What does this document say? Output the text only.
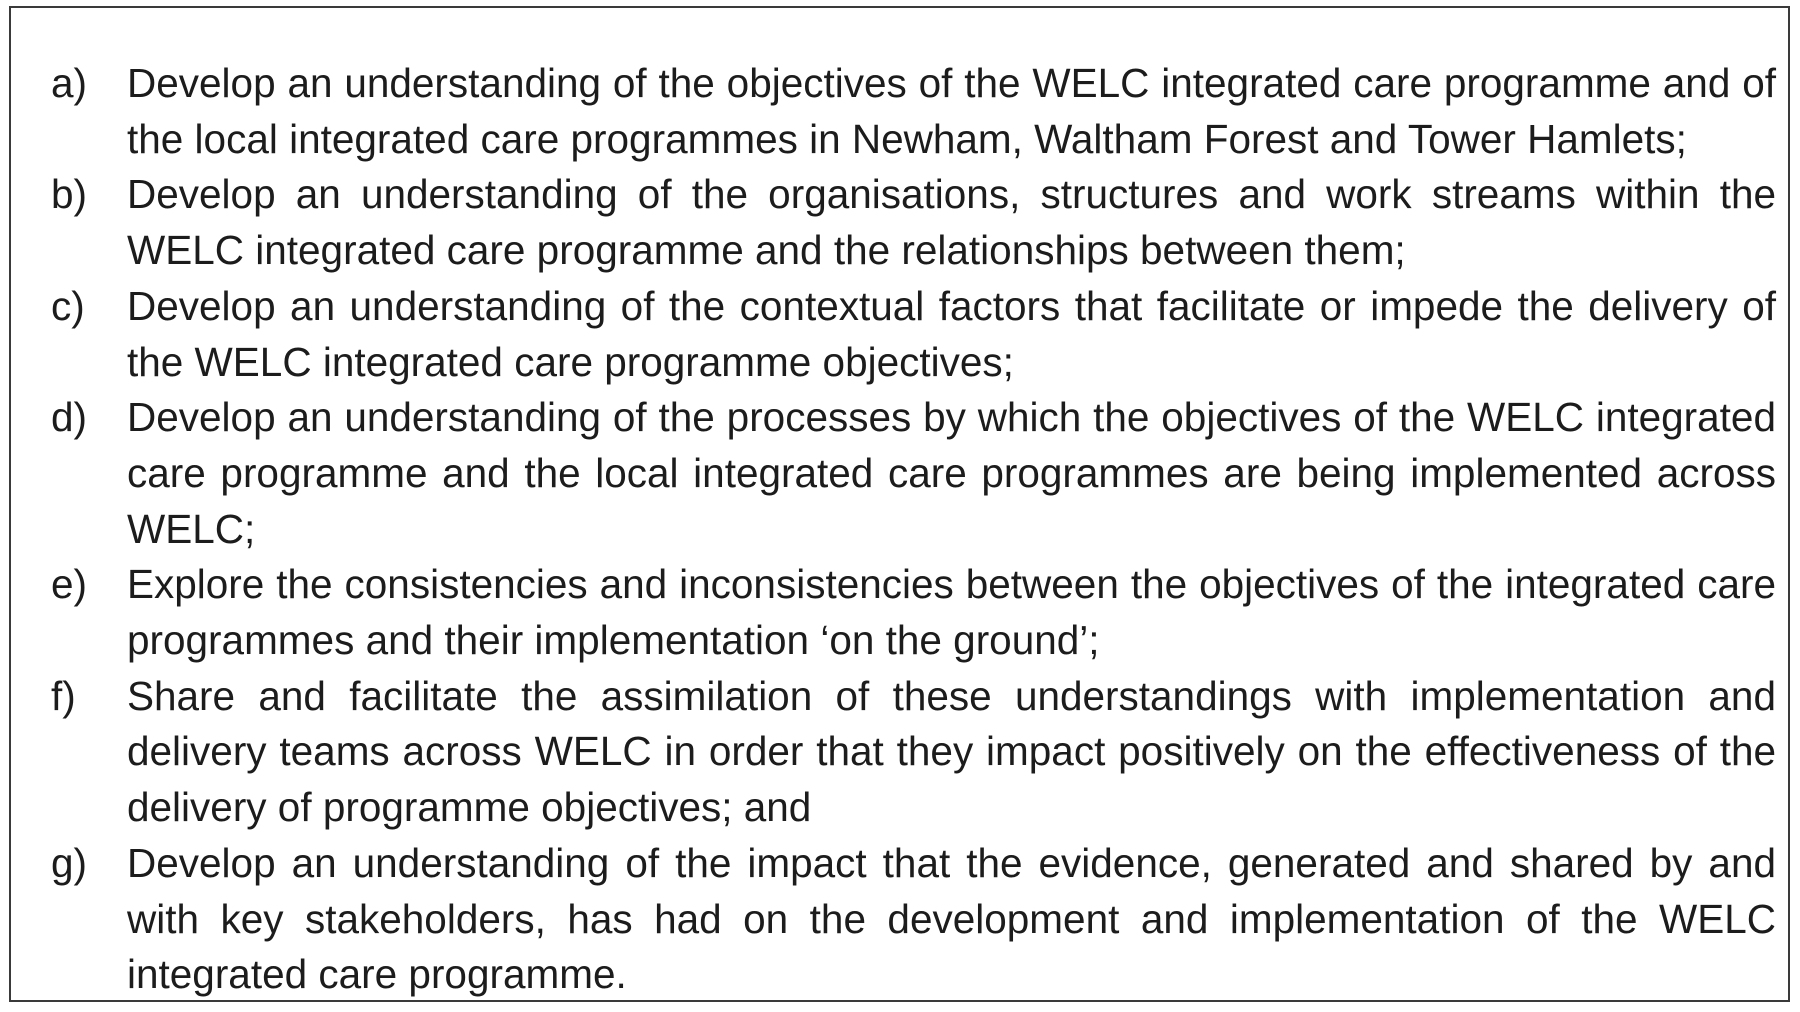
a) Develop an understanding of the objectives of the WELC integrated care programme and of the local integrated care programmes in Newham, Waltham Forest and Tower Hamlets;
b) Develop an understanding of the organisations, structures and work streams within the WELC integrated care programme and the relationships between them;
c)	Develop an understanding of the contextual factors that facilitate or impede the delivery of the WELC integrated care programme objectives;
d) Develop an understanding of the processes by which the objectives of the WELC integrated care programme and the local integrated care programmes are being implemented across WELC;
e) Explore the consistencies and inconsistencies between the objectives of the integrated care programmes and their implementation ‘on the ground’;
f)	Share and facilitate the assimilation of these understandings with implementation and delivery teams across WELC in order that they impact positively on the effectiveness of the delivery of programme objectives; and
g) Develop an understanding of the impact that the evidence, generated and shared by and with key stakeholders, has had on the development and implementation of the WELC integrated care programme.
